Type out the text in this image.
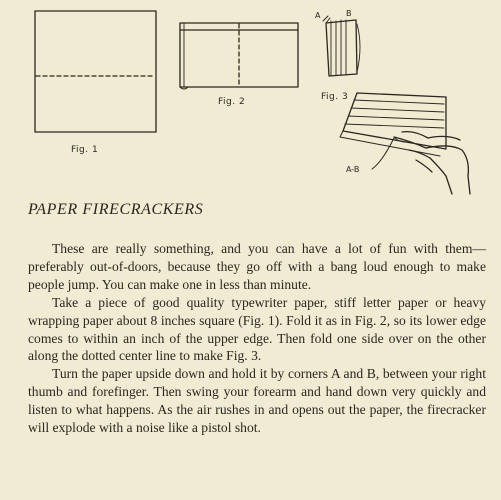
Fig. 1
Fig. 2	Fig. 3
A	B
A-B
PAPER FIRECRACKERS

These are really something, and you can have a lot of fun with them—preferably out-of-doors, because they go off with a bang loud enough to make people jump. You can make one in less than minute.

Take a piece of good quality typewriter paper, stiff letter paper or heavy wrapping paper about 8 inches square (Fig. 1). Fold it as in Fig. 2, so its lower edge comes to within an inch of the upper edge. Then fold one side over on the other along the dotted center line to make Fig. 3.

Turn the paper upside down and hold it by corners A and B, between your right thumb and forefinger. Then swing your forearm and hand down very quickly and listen to what happens. As the air rushes in and opens out the paper, the firecracker will explode with a noise like a pistol shot.
